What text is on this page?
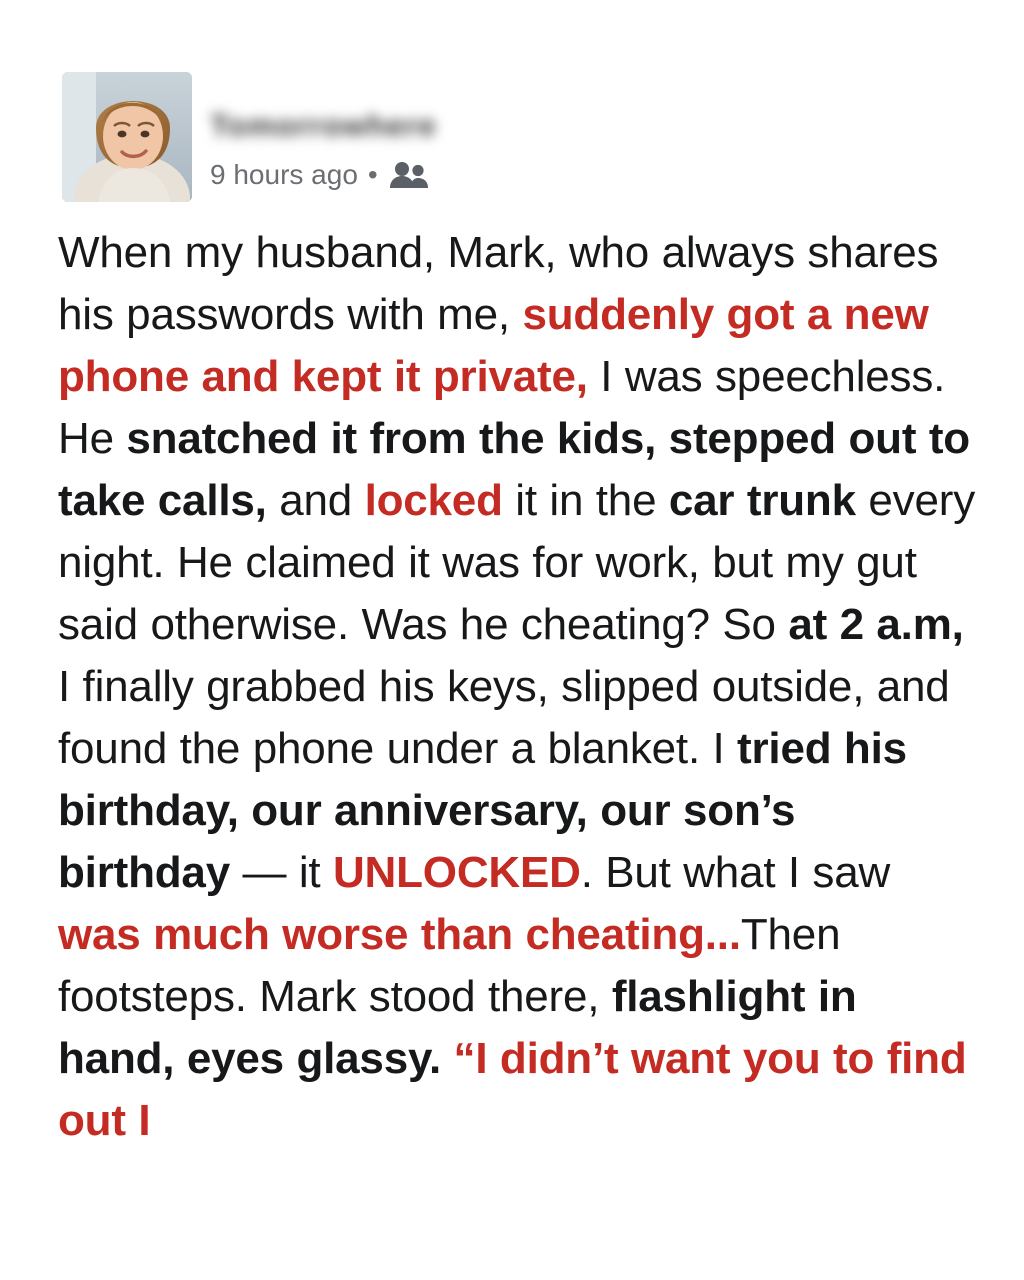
Tomorrowhere
9 hours ago •
When my husband, Mark, who always shares his passwords with me, suddenly got a new phone and kept it private, I was speechless. He snatched it from the kids, stepped out to take calls, and locked it in the car trunk every night. He claimed it was for work, but my gut said otherwise. Was he cheating? So at 2 a.m, I finally grabbed his keys, slipped outside, and found the phone under a blanket. I tried his birthday, our anniversary, our son’s birthday — it UNLOCKED. But what I saw was much worse than cheating...Then footsteps. Mark stood there, flashlight in hand, eyes glassy. “I didn’t want you to find out I
